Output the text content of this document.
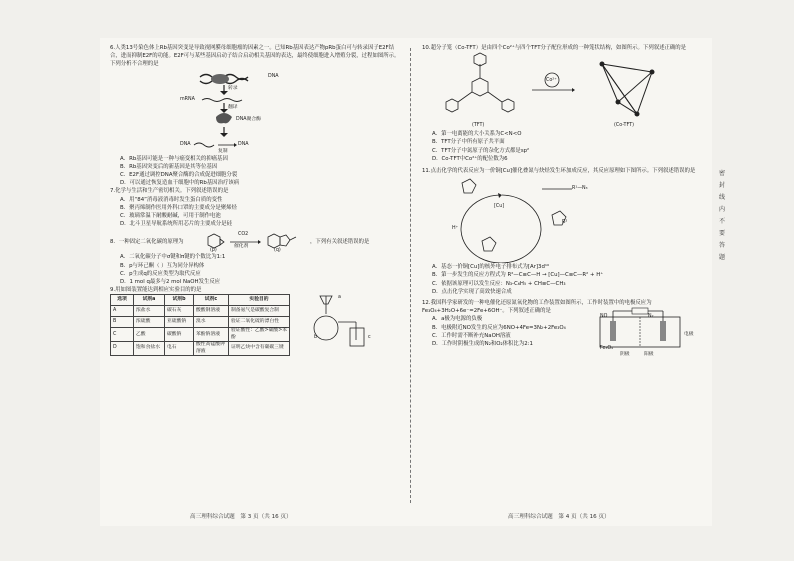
6.人类13号染色体上Rb基因突变是导致视网膜母细胞瘤的因素之一。已知Rb基因表达产物pRb蛋白可与转录因子E2F结合，进而抑制E2F的功能。E2F可与某些基因启动子结合启动相关基因的表达，最终使细胞进入增殖分裂，过程如图所示。下列分析不合理的是

DNA
转录
mRNA
翻译
DNA聚合酶
DNA	DNA
复制

A．Rb基因可能是一种与癌变相关的抑癌基因

B．Rb基因突变后的新基因是其等位基因

C．E2F通过调控DNA聚合酶的合成促进细胞分裂

D．可以通过恢复造血干细胞中的Rb基因治疗该病

7.化学与生活和生产密切相关。下列叙述错误的是

A．用“84”消毒液消毒时发生蛋白质的变性

B．聚丙烯制作医用外科口罩的主要成分是聚烯烃

C．玻璃常温下耐酸耐碱，可用于制作电池

D．北斗卫星导航系统所用芯片的主要成分是硅

8．一种固定二氧化碳的原理为
CO2
催化剂
(p)	(q)
，下列有关叙述错误的是

A．二氧化碳分子中σ键和π键的个数比为1:1

B．p与环己酮（ ）互为同分异构体

C．p生成q的反应类型为取代反应

D．1 mol q最多与2 mol NaOH发生反应

9.用如图装置能达到相应实验目的的是

选项	试剂a	试剂b	试剂c	实验目的
A	浓盐水	碳石灰	酸酸钢溶液	制备氨气是碳酸复合制
B	浓硫酸	亚硫酸钠	溴水	验证二氧化硫的漂白性
C	乙酸	碳酸钠	苯酚钠溶液	验证酸性：乙酸>碳酸>苯酚
D	饱和食盐水	电石	酸性高锰酸钾溶液	证明乙炔中含有碳碳三键
a
b	c

10.超分子笼（Co-TFT）是由四个Co²⁺与四个TFT分子配位形成的一种笼状结构，如图所示。下列叙述正确的是

(TFT)
Co²⁺
(Co-TFT)

A．第一电离能的大小关系为C<N<O

B．TFT分子中所有原子共平面

C．TFT分子中氮原子的杂化方式都是sp²

D．Co-TFT中Co²⁺的配位数为6

11.点击化学的代表反应为一价铜[Cu]催化叠氮与炔烃发生环加成反应，其反应原理如下图所示。下列叙述错误的是

[Cu]
R¹—N₃
R²
H⁺

A．基态一价铜[Cu]的核外电子排布式为[Ar]3d¹⁰

B．第一步发生的反应方程式为 R²—C≡C—H → [Cu]—C≡C—R² + H⁺

C．依据该原理可以发生反应：N₃-C₆H₅ + CH≡C—CH₃

D．点击化学实现了高效快速合成

12.我国科学家研发的一种电催化还原氮氧化物的工作装置如图所示，工作时装置中的电极反应为Fe₃O₄+3H₂O+6e⁻=2Fe+6OH⁻。下列叙述正确的是

A．a极为电源的负极

B．电极附近NO发生的反应为6NO+4Fe=3N₂+2Fe₃O₄

C．工作时需不断补充NaOH溶液

D．工作时阴极生成的N₂和O₂体积比为2:1

NO	N₂
Fe₃O₄
阴极	阳极
电极
高三理科综合试题　第 3 页（共 16 页）	高三理科综合试题　第 4 页（共 16 页）
密
封
线
内
不
要
答
题
